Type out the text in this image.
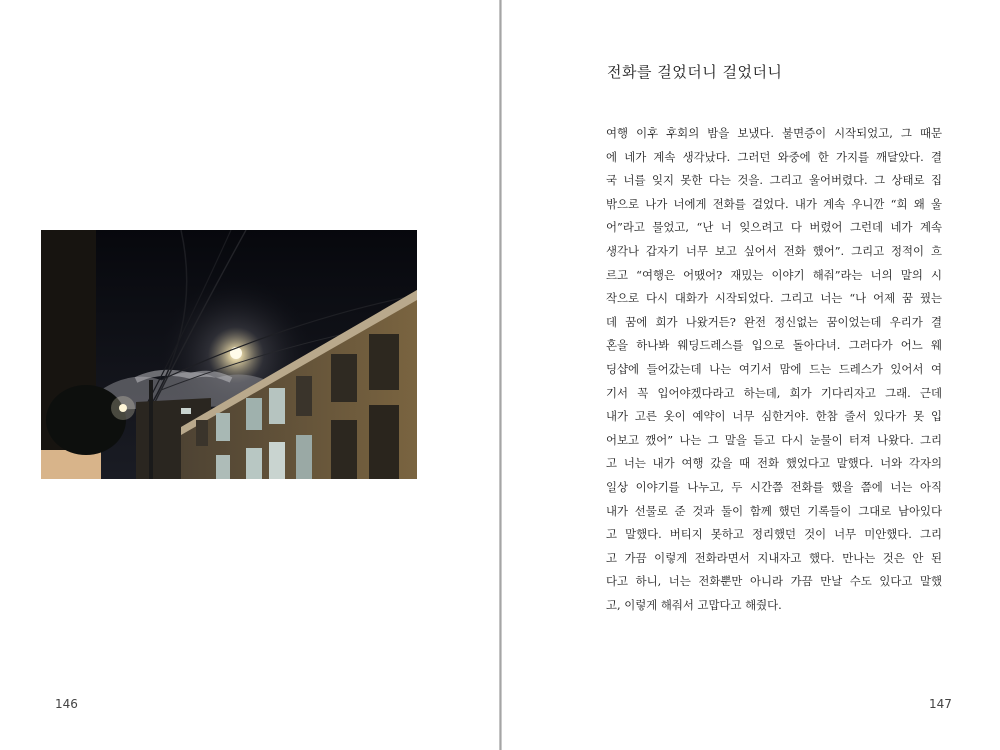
146
전화를 걸었더니 걸었더니
여행 이후 후회의 밤을 보냈다. 불면증이 시작되었고, 그 때문
에 네가 계속 생각났다. 그러던 와중에 한 가지를 깨달았다. 결
국 너를 잊지 못한 다는 것을. 그리고 울어버렸다. 그 상태로 집
밖으로 나가 너에게 전화를 걸었다. 내가 계속 우니깐 “희 왜 울
어”라고 물었고, “난 너 잊으려고 다 버렸어 그런데 네가 계속
생각나 갑자기 너무 보고 싶어서 전화 했어”. 그리고 정적이 흐
르고 “여행은 어땠어? 재밌는 이야기 해줘”라는 너의 말의 시
작으로 다시 대화가 시작되었다. 그리고 너는 “나 어제 꿈 꿨는
데 꿈에 희가 나왔거든? 완전 정신없는 꿈이었는데 우리가 결
혼을 하나봐 웨딩드레스를 입으로 돌아다녀. 그러다가 어느 웨
딩샵에 들어갔는데 나는 여기서 맘에 드는 드레스가 있어서 여
기서 꼭 입어야겠다라고 하는데, 희가 기다리자고 그래. 근데
내가 고른 옷이 예약이 너무 심한거야. 한참 줄서 있다가 못 입
어보고 깼어” 나는 그 말을 듣고 다시 눈물이 터져 나왔다. 그리
고 너는 내가 여행 갔을 때 전화 했었다고 말했다. 너와 각자의
일상 이야기를 나누고, 두 시간쯤 전화를 했을 쯤에 너는 아직
내가 선물로 준 것과 둘이 함께 했던 기록들이 그대로 남아있다
고 말했다. 버티지 못하고 정리했던 것이 너무 미안했다. 그리
고 가끔 이렇게 전화라면서 지내자고 했다. 만나는 것은 안 된
다고 하니, 너는 전화뿐만 아니라 가끔 만날 수도 있다고 말했
고, 이렇게 해줘서 고맙다고 해줬다.
147
